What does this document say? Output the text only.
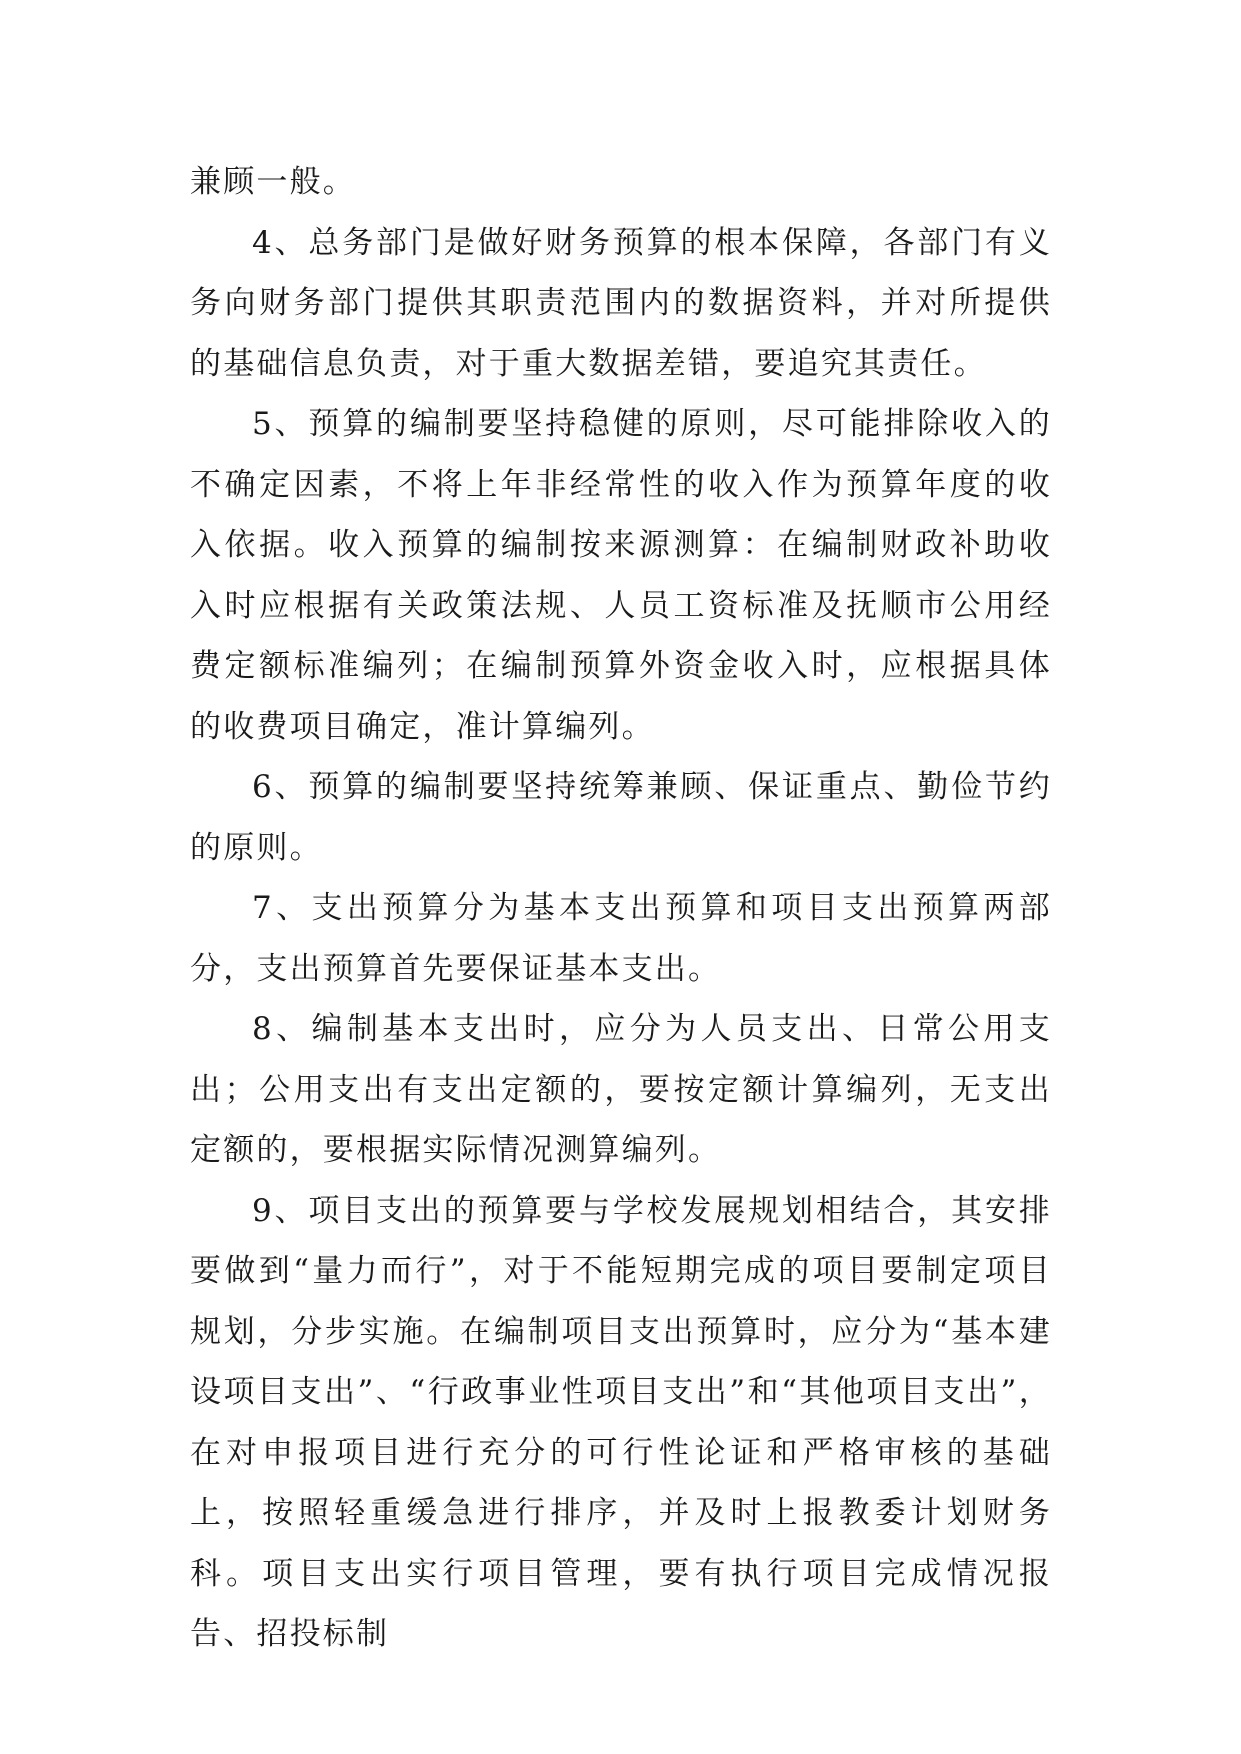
兼顾一般。

4、总务部门是做好财务预算的根本保障，各部门有义务向财务部门提供其职责范围内的数据资料，并对所提供的基础信息负责，对于重大数据差错，要追究其责任。

5、预算的编制要坚持稳健的原则，尽可能排除收入的不确定因素，不将上年非经常性的收入作为预算年度的收入依据。收入预算的编制按来源测算：在编制财政补助收入时应根据有关政策法规、人员工资标准及抚顺市公用经费定额标准编列；在编制预算外资金收入时，应根据具体的收费项目确定，准计算编列。

6、预算的编制要坚持统筹兼顾、保证重点、勤俭节约的原则。

7、支出预算分为基本支出预算和项目支出预算两部分，支出预算首先要保证基本支出。

8、编制基本支出时，应分为人员支出、日常公用支出；公用支出有支出定额的，要按定额计算编列，无支出定额的，要根据实际情况测算编列。

9、项目支出的预算要与学校发展规划相结合，其安排要做到“量力而行”，对于不能短期完成的项目要制定项目规划，分步实施。在编制项目支出预算时，应分为“基本建设项目支出”、“行政事业性项目支出”和“其他项目支出”，在对申报项目进行充分的可行性论证和严格审核的基础上，按照轻重缓急进行排序，并及时上报教委计划财务科。项目支出实行项目管理，要有执行项目完成情况报告、招投标制
